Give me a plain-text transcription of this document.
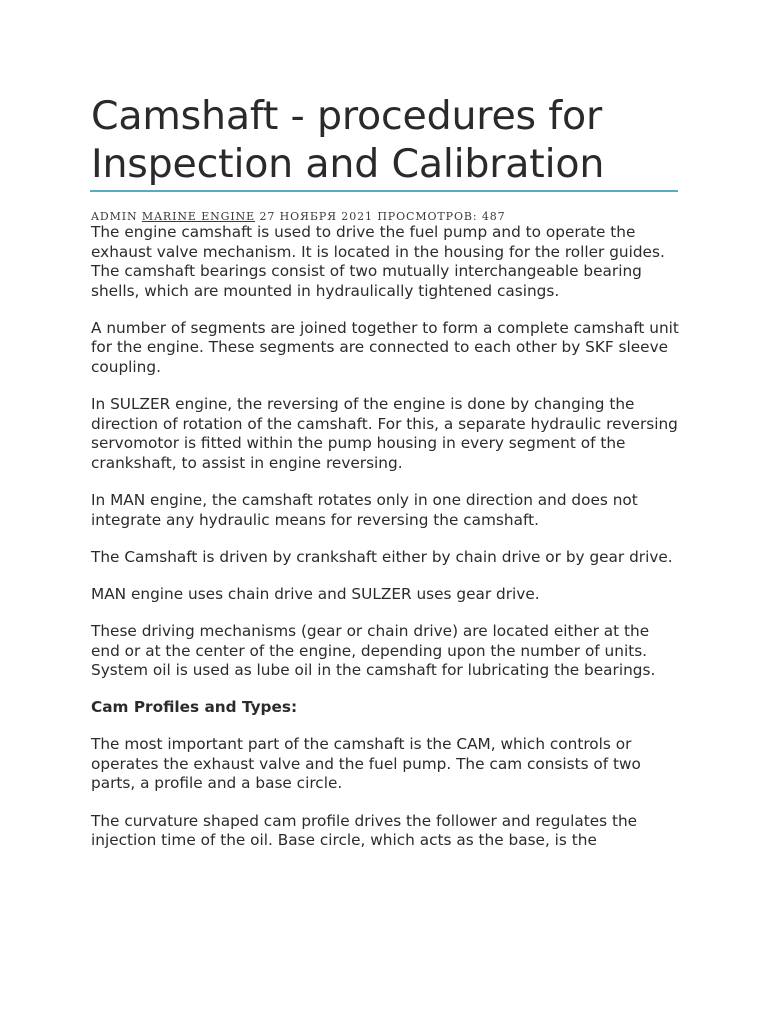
Camshaft - procedures for Inspection and Calibration
ADMIN MARINE ENGINE 27 НОЯБРЯ 2021 ПРОСМОТРОВ: 487

The engine camshaft is used to drive the fuel pump and to operate the exhaust valve mechanism. It is located in the housing for the roller guides. The camshaft bearings consist of two mutually interchangeable bearing shells, which are mounted in hydraulically tightened casings.

A number of segments are joined together to form a complete camshaft unit for the engine. These segments are connected to each other by SKF sleeve coupling.

In SULZER engine, the reversing of the engine is done by changing the direction of rotation of the camshaft. For this, a separate hydraulic reversing servomotor is fitted within the pump housing in every segment of the crankshaft, to assist in engine reversing.

In MAN engine, the camshaft rotates only in one direction and does not integrate any hydraulic means for reversing the camshaft.

The Camshaft is driven by crankshaft either by chain drive or by gear drive.

MAN engine uses chain drive and SULZER uses gear drive.

These driving mechanisms (gear or chain drive) are located either at the end or at the center of the engine, depending upon the number of units. System oil is used as lube oil in the camshaft for lubricating the bearings.

Cam Profiles and Types:

The most important part of the camshaft is the CAM, which controls or operates the exhaust valve and the fuel pump. The cam consists of two parts, a profile and a base circle.

The curvature shaped cam profile drives the follower and regulates the injection time of the oil. Base circle, which acts as the base, is the
